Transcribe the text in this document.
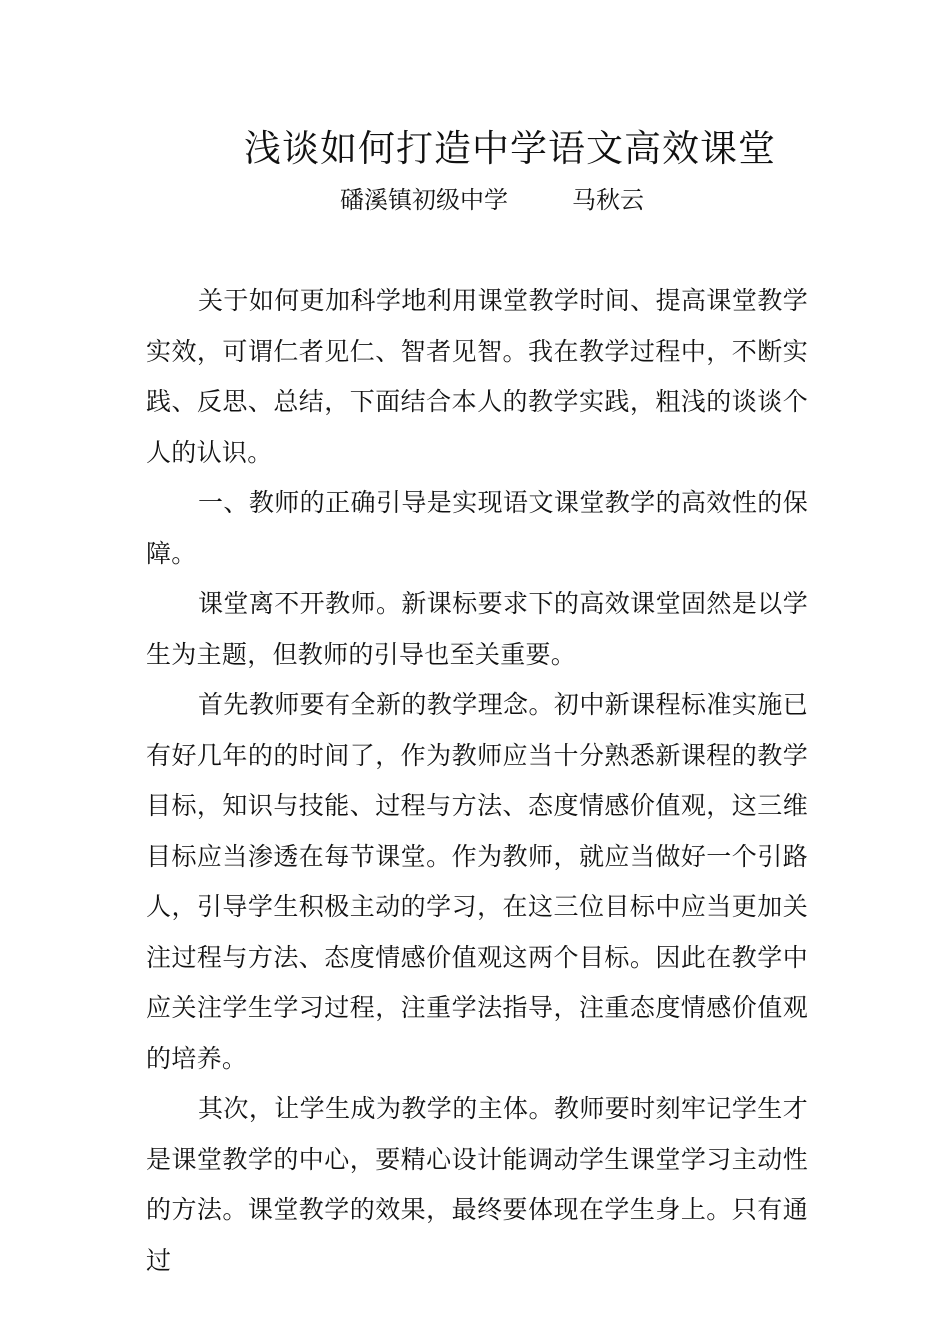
浅谈如何打造中学语文高效课堂
磻溪镇初级中学	马秋云

关于如何更加科学地利用课堂教学时间、提高课堂教学实效，可谓仁者见仁、智者见智。我在教学过程中，不断实践、反思、总结，下面结合本人的教学实践，粗浅的谈谈个人的认识。

一、教师的正确引导是实现语文课堂教学的高效性的保障。

课堂离不开教师。新课标要求下的高效课堂固然是以学生为主题，但教师的引导也至关重要。

首先教师要有全新的教学理念。初中新课程标准实施已有好几年的的时间了，作为教师应当十分熟悉新课程的教学目标，知识与技能、过程与方法、态度情感价值观，这三维目标应当渗透在每节课堂。作为教师，就应当做好一个引路人，引导学生积极主动的学习，在这三位目标中应当更加关注过程与方法、态度情感价值观这两个目标。因此在教学中应关注学生学习过程，注重学法指导，注重态度情感价值观的培养。

其次，让学生成为教学的主体。教师要时刻牢记学生才是课堂教学的中心，要精心设计能调动学生课堂学习主动性的方法。课堂教学的效果，最终要体现在学生身上。只有通过
